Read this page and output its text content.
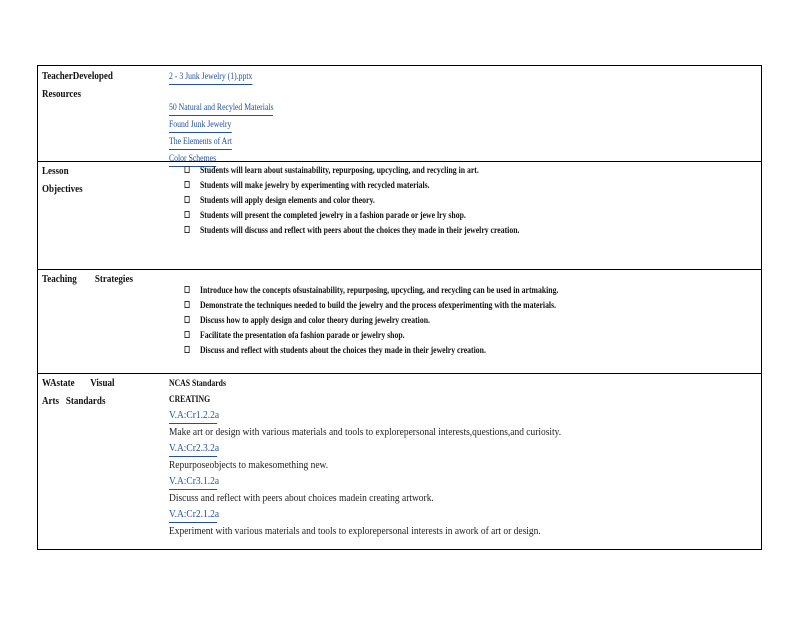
TeacherDeveloped
Resources
2 - 3 Junk Jewelry (1).pptx
50 Natural and Recyled Materials
Found Junk Jewelry
The Elements of Art
Color Schemes
Lesson
Objectives
Students will learn about sustainability, repurposing, upcycling, and recycling in art.
Students will make jewelry by experimenting with recycled materials.
Students will apply design elements and color theory.
Students will present the completed jewelry in a fashion parade or jewe lry shop.
Students will discuss and reflect with peers about the choices they made in their jewelry creation.
Teaching        Strategies
Introduce how the concepts ofsustainability, repurposing, upcycling, and recycling can be used in artmaking.
Demonstrate the techniques needed to build the jewelry and the process ofexperimenting with the materials.
Discuss how to apply design and color theory during jewelry creation.
Facilitate the presentation ofa fashion parade or jewelry shop.
Discuss and reflect with students about the choices they made in their jewelry creation.
WAstate       Visual
Arts   Standards
NCAS Standards
CREATING
V.A:Cr1.2.2a
Make art or design with various materials and tools to explorepersonal interests,questions,and curiosity.
V.A:Cr2.3.2a
Repurposeobjects to makesomething new.
V.A:Cr3.1.2a
Discuss and reflect with peers about choices madein creating artwork.
V.A:Cr2.1.2a
Experiment with various materials and tools to explorepersonal interests in awork of art or design.
